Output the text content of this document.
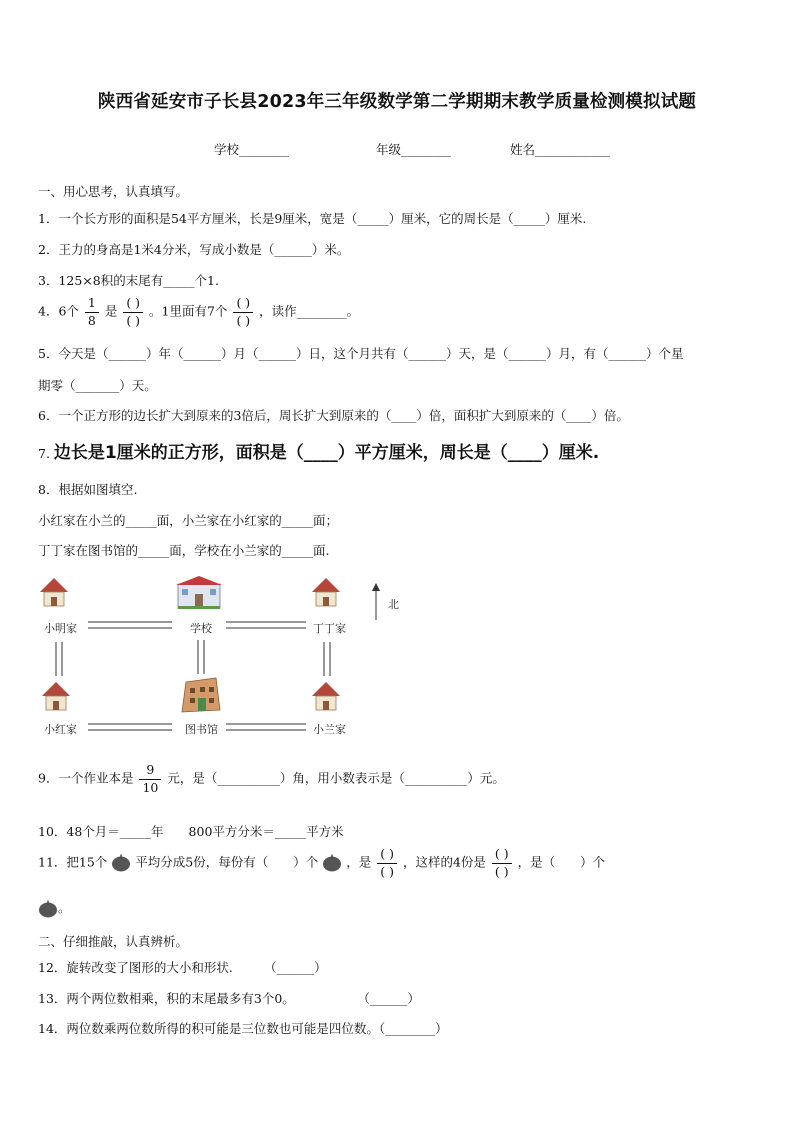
陕西省延安市子长县2023年三年级数学第二学期期末教学质量检测模拟试题
学校________	年级________	姓名____________
一、用心思考，认真填写。
1．一个长方形的面积是54平方厘米，长是9厘米，宽是（_____）厘米，它的周长是（_____）厘米.
2．王力的身高是1米4分米，写成小数是（______）米。
3．125×8积的末尾有_____个1.
4．6个 $\frac{1}{8}$ 是 $\frac{( )}{( )}$ 。1里面有7个 $\frac{( )}{( )}$ ，读作________。
5．今天是（______）年（______）月（______）日，这个月共有（______）天，是（______）月，有（______）个星
期零（_______）天。
6．一个正方形的边长扩大到原来的3倍后，周长扩大到原来的（____）倍，面积扩大到原来的（____）倍。
7. 边长是1厘米的正方形，面积是（____）平方厘米，周长是（____）厘米.
8．根据如图填空.
小红家在小兰的_____面，小兰家在小红家的_____面；
丁丁家在图书馆的_____面，学校在小兰家的_____面.
小明家	学校	丁丁家
小红家	图书馆	小兰家
北
9．一个作业本是 $\frac{9}{10}$ 元，是（__________）角，用小数表示是（__________）元。
10．48个月＝_____年　　800平方分米＝_____平方米
11．把15个 平均分成5份，每份有（　　）个 ，是 $\frac{( )}{( )}$ ，这样的4份是 $\frac{( )}{( )}$ ，是（　　）个
。
二、仔细推敲，认真辨析。
12．旋转改变了图形的大小和形状.　　　（______）
13．两个两位数相乘，积的末尾最多有3个0。　　　　　　（______）
14．两位数乘两位数所得的积可能是三位数也可能是四位数。（________）
